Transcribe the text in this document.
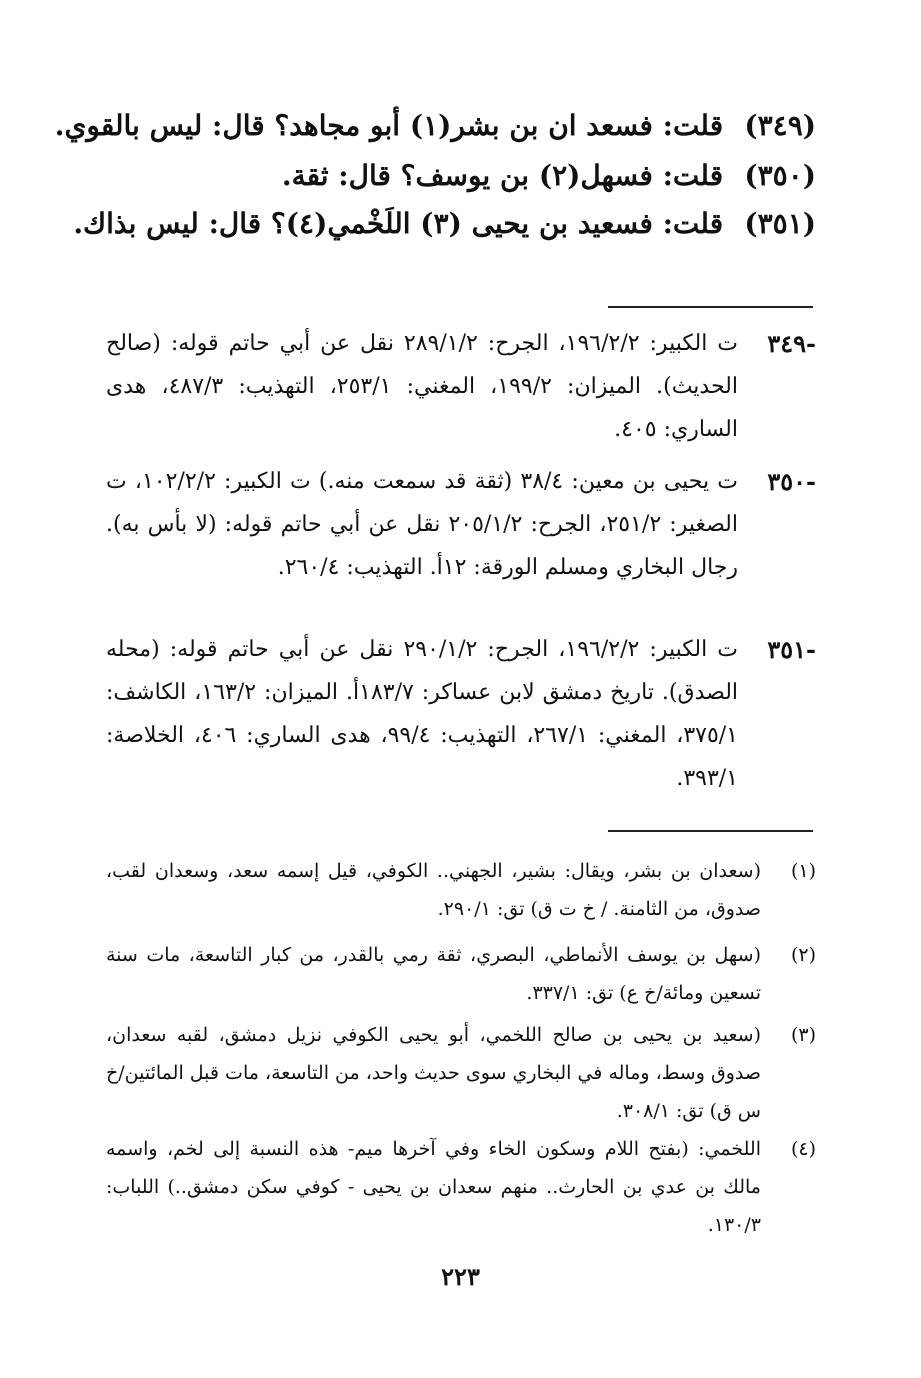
(٣٤٩) قلت: فسعد ان بن بشر(١) أبو مجاهد؟ قال: ليس بالقوي.
(٣٥٠) قلت: فسهل(٢) بن يوسف؟ قال: ثقة.
(٣٥١) قلت: فسعيد بن يحيى (٣) اللَخْمي(٤)؟ قال: ليس بذاك.
-٣٤٩
ت الكبير: ١٩٦/٢/٢، الجرح: ٢٨٩/١/٢ نقل عن أبي حاتم قوله: (صالح الحديث). الميزان: ١٩٩/٢، المغني: ٢٥٣/١، التهذيب: ٤٨٧/٣، هدى الساري: ٤٠٥.
-٣٥٠
ت يحيى بن معين: ٣٨/٤ (ثقة قد سمعت منه.) ت الكبير: ١٠٢/٢/٢، ت الصغير: ٢٥١/٢، الجرح: ٢٠٥/١/٢ نقل عن أبي حاتم قوله: (لا بأس به). رجال البخاري ومسلم الورقة: ١٢أ. التهذيب: ٢٦٠/٤.
-٣٥١
ت الكبير: ١٩٦/٢/٢، الجرح: ٢٩٠/١/٢ نقل عن أبي حاتم قوله: (محله الصدق). تاريخ دمشق لابن عساكر: ١٨٣/٧أ. الميزان: ١٦٣/٢، الكاشف: ٣٧٥/١، المغني: ٢٦٧/١، التهذيب: ٩٩/٤، هدى الساري: ٤٠٦، الخلاصة: ٣٩٣/١.
(١)
(سعدان بن بشر، ويقال: بشير، الجهني.. الكوفي، قيل إسمه سعد، وسعدان لقب، صدوق، من الثامنة. / خ ت ق) تق: ٢٩٠/١.
(٢)
(سهل بن يوسف الأنماطي، البصري، ثقة رمي بالقدر، من كبار التاسعة، مات سنة تسعين ومائة/خ ع) تق: ٣٣٧/١.
(٣)
(سعيد بن يحيى بن صالح اللخمي، أبو يحيى الكوفي نزيل دمشق، لقبه سعدان، صدوق وسط، وماله في البخاري سوى حديث واحد، من التاسعة، مات قبل المائتين/خ س ق) تق: ٣٠٨/١.
(٤)
اللخمي: (بفتح اللام وسكون الخاء وفي آخرها ميم- هذه النسبة إلى لخم، واسمه مالك بن عدي بن الحارث.. منهم سعدان بن يحيى - كوفي سكن دمشق..) اللباب: ١٣٠/٣.
٢٢٣
